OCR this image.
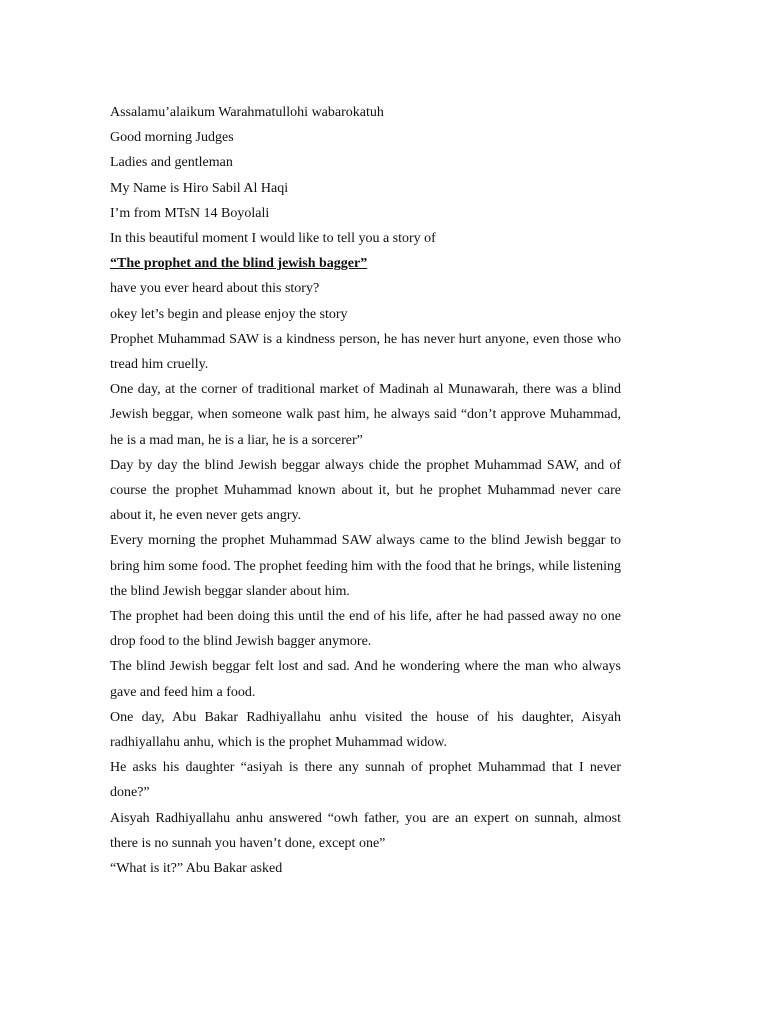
Assalamu’alaikum Warahmatullohi wabarokatuh

Good morning Judges

Ladies and gentleman

My Name is Hiro Sabil Al Haqi

I’m from MTsN 14 Boyolali

In this beautiful moment I would like to tell you a story of

“The prophet and the blind jewish bagger”

have you ever heard about this story?

okey let’s begin and please enjoy the story

Prophet Muhammad SAW is a kindness person, he has never hurt anyone, even those who tread him cruelly.

One day, at the corner of traditional market of Madinah al Munawarah, there was a blind Jewish beggar, when someone walk past him, he always said “don’t approve Muhammad, he is a mad man, he is a liar, he is a sorcerer”

Day by day the blind Jewish beggar always chide the prophet Muhammad SAW, and of course the prophet Muhammad known about it, but he prophet Muhammad never care about it, he even never gets angry.

Every morning the prophet Muhammad SAW always came to the blind Jewish beggar to bring him some food. The prophet feeding him with the food that he brings, while listening the blind Jewish beggar slander about him.

The prophet had been doing this until the end of his life, after he had passed away no one drop food to the blind Jewish bagger anymore.

The blind Jewish beggar felt lost and sad. And he wondering where the man who always gave and feed him a food.

One day, Abu Bakar Radhiyallahu anhu visited the house of his daughter, Aisyah radhiyallahu anhu, which is the prophet Muhammad widow.

He asks his daughter “asiyah is there any sunnah of prophet Muhammad that I never done?”

Aisyah Radhiyallahu anhu answered “owh father, you are an expert on sunnah, almost there is no sunnah you haven’t done, except one”

“What is it?” Abu Bakar asked
